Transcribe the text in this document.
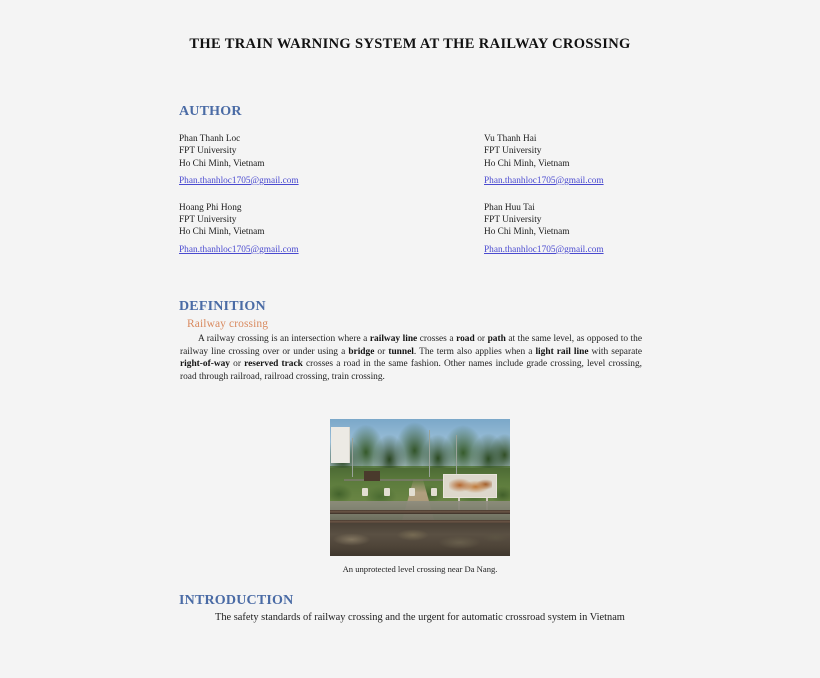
THE TRAIN WARNING SYSTEM AT THE RAILWAY CROSSING
AUTHOR
Phan Thanh Loc
FPT University
Ho Chi Minh, Vietnam
Phan.thanhloc1705@gmail.com
Vu Thanh Hai
FPT University
Ho Chi Minh, Vietnam
Phan.thanhloc1705@gmail.com
Hoang Phi Hong
FPT University
Ho Chi Minh, Vietnam
Phan.thanhloc1705@gmail.com
Phan Huu Tai
FPT University
Ho Chi Minh, Vietnam
Phan.thanhloc1705@gmail.com
DEFINITION
Railway crossing
A railway crossing is an intersection where a railway line crosses a road or path at the same level, as opposed to the railway line crossing over or under using a bridge or tunnel. The term also applies when a light rail line with separate right-of-way or reserved track crosses a road in the same fashion. Other names include grade crossing, level crossing, road through railroad, railroad crossing, train crossing.
An unprotected level crossing near Da Nang.
INTRODUCTION
The safety standards of railway crossing and the urgent for automatic crossroad system in Vietnam
